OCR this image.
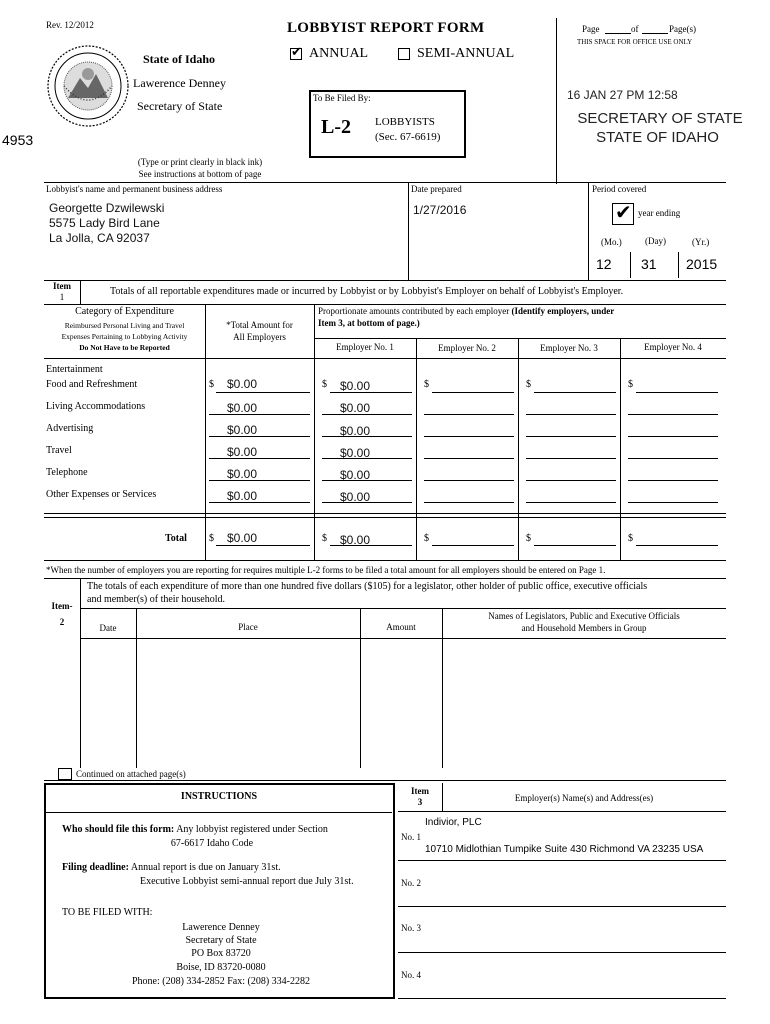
Rev. 12/2012
State of Idaho
Lawerence Denney
Secretary of State
LOBBYIST REPORT FORM
✔ ANNUAL	SEMI-ANNUAL
To Be Filed By:
L-2 LOBBYISTS
(Sec. 67-6619)
Page	of	Page(s)
THIS SPACE FOR OFFICE USE ONLY
16 JAN 27 PM 12:58
SECRETARY OF STATE
STATE OF IDAHO
4953
(Type or print clearly in black ink)
See instructions at bottom of page
Lobbyist's name and permanent business address	Date prepared	Period covered
Georgette Dzwilewski
5575 Lady Bird Lane
La Jolla, CA 92037
1/27/2016	✔ year ending
(Mo.)	(Day)	(Yr.)
12 31 2015
Item
1	Totals of all reportable expenditures made or incurred by Lobbyist or by Lobbyist's Employer on behalf of Lobbyist's Employer.
Category of Expenditure
Reimbursed Personal Living and Travel
Expenses Pertaining to Lobbying Activity
Do Not Have to be Reported
*Total Amount for
All Employers
Proportionate amounts contributed by each employer (Identify employers, under
Item 3, at bottom of page.)
Employer No. 1	Employer No. 2	Employer No. 3	Employer No. 4
Entertainment
Food and Refreshment	$ $0.00	$ $0.00	$	$	$
Living Accommodations	$0.00	$0.00
Advertising	$0.00	$0.00
Travel	$0.00	$0.00
Telephone	$0.00	$0.00
Other Expenses or Services	$0.00	$0.00
Total $ $0.00	$ $0.00	$	$	$
*When the number of employers you are reporting for requires multiple L-2 forms to be filed a total amount for all employers should be entered on Page 1.
Item-
2
The totals of each expenditure of more than one hundred five dollars ($105) for a legislator, other holder of public office, executive officials
and member(s) of their household.
Date	Place	Amount
Names of Legislators, Public and Executive Officials
and Household Members in Group
Continued on attached page(s)
INSTRUCTIONS
Who should file this form: Any lobbyist registered under Section
67-6617 Idaho Code
Filing deadline: Annual report is due on January 31st.
Executive Lobbyist semi-annual report due July 31st.
TO BE FILED WITH:
Lawerence Denney
Secretary of State
PO Box 83720
Boise, ID 83720-0080
Phone: (208) 334-2852 Fax: (208) 334-2282
Item
3	Employer(s) Name(s) and Address(es)
No. 1
Indivior, PLC
10710 Midlothian Tumpike Suite 430 Richmond VA 23235 USA
No. 2
No. 3
No. 4
